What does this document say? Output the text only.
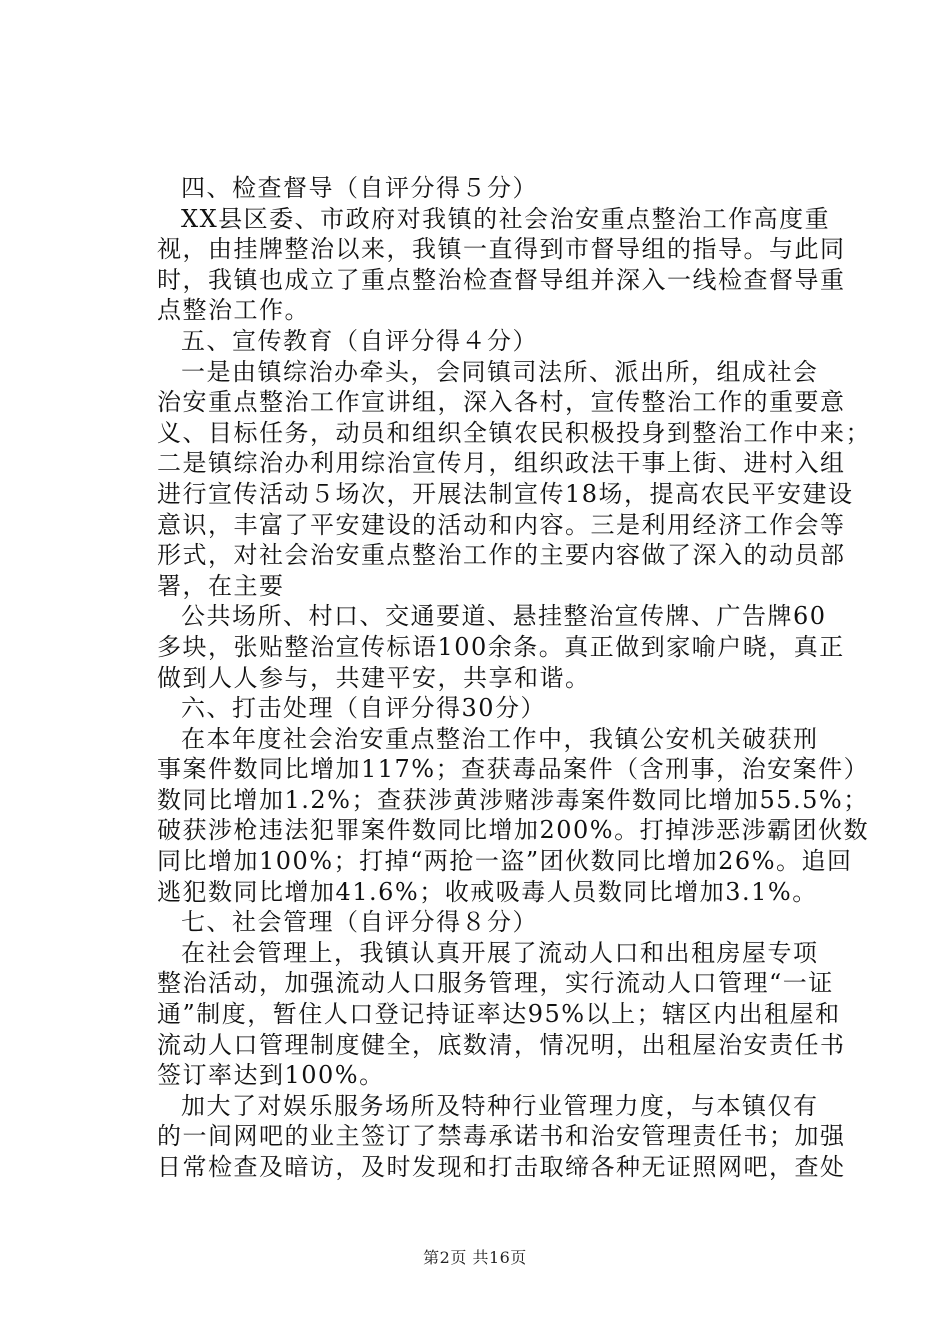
四、检查督导（自评分得５分）
XX县区委、市政府对我镇的社会治安重点整治工作高度重
视，由挂牌整治以来，我镇一直得到市督导组的指导。与此同
时，我镇也成立了重点整治检查督导组并深入一线检查督导重
点整治工作。
五、宣传教育（自评分得４分）
一是由镇综治办牵头，会同镇司法所、派出所，组成社会
治安重点整治工作宣讲组，深入各村，宣传整治工作的重要意
义、目标任务，动员和组织全镇农民积极投身到整治工作中来；
二是镇综治办利用综治宣传月，组织政法干事上街、进村入组
进行宣传活动５场次，开展法制宣传18场，提高农民平安建设
意识，丰富了平安建设的活动和内容。三是利用经济工作会等
形式，对社会治安重点整治工作的主要内容做了深入的动员部
署，在主要
公共场所、村口、交通要道、悬挂整治宣传牌、广告牌60
多块，张贴整治宣传标语100余条。真正做到家喻户晓，真正
做到人人参与，共建平安，共享和谐。
六、打击处理（自评分得30分）
在本年度社会治安重点整治工作中，我镇公安机关破获刑
事案件数同比增加117%；查获毒品案件（含刑事，治安案件）
数同比增加1.2%；查获涉黄涉赌涉毒案件数同比增加55.5%；
破获涉枪违法犯罪案件数同比增加200%。打掉涉恶涉霸团伙数
同比增加100%；打掉“两抢一盗”团伙数同比增加26%。追回
逃犯数同比增加41.6%；收戒吸毒人员数同比增加3.1%。
七、社会管理（自评分得８分）
在社会管理上，我镇认真开展了流动人口和出租房屋专项
整治活动，加强流动人口服务管理，实行流动人口管理“一证
通”制度，暂住人口登记持证率达95%以上；辖区内出租屋和
流动人口管理制度健全，底数清，情况明，出租屋治安责任书
签订率达到100%。
加大了对娱乐服务场所及特种行业管理力度，与本镇仅有
的一间网吧的业主签订了禁毒承诺书和治安管理责任书；加强
日常检查及暗访，及时发现和打击取缔各种无证照网吧，查处
第2页 共16页
